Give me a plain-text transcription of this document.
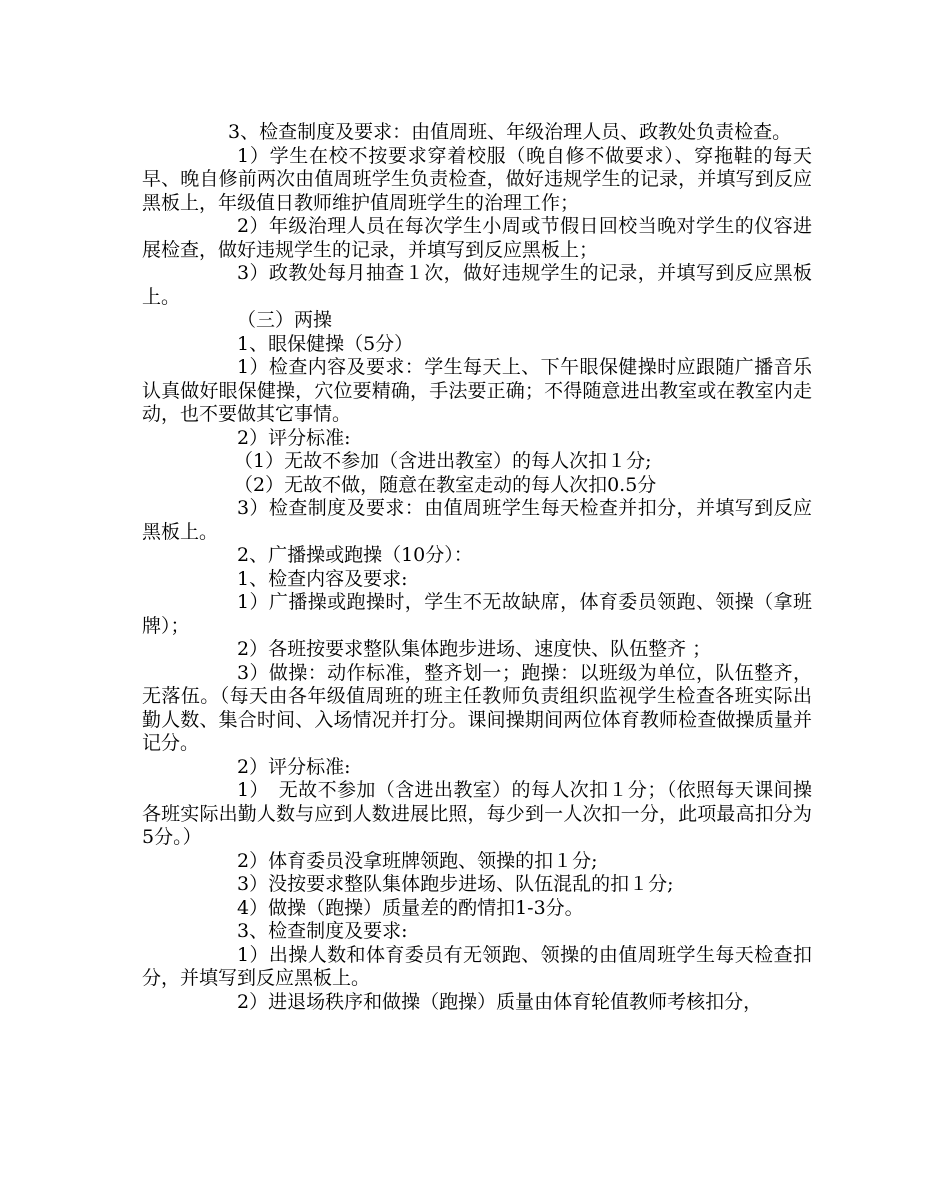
3、检查制度及要求：由值周班、年级治理人员、政教处负责检查。

1）学生在校不按要求穿着校服（晚自修不做要求）、穿拖鞋的每天早、晚自修前两次由值周班学生负责检查，做好违规学生的记录，并填写到反应黑板上，年级值日教师维护值周班学生的治理工作；

2）年级治理人员在每次学生小周或节假日回校当晚对学生的仪容进展检查，做好违规学生的记录，并填写到反应黑板上；

3）政教处每月抽查１次，做好违规学生的记录，并填写到反应黑板上。

（三）两操

1、眼保健操（5分）

1）检查内容及要求：学生每天上、下午眼保健操时应跟随广播音乐认真做好眼保健操，穴位要精确，手法要正确；不得随意进出教室或在教室内走动，也不要做其它事情。

2）评分标准:

（1）无故不参加（含进出教室）的每人次扣１分;

（2）无故不做，随意在教室走动的每人次扣0.5分

3）检查制度及要求：由值周班学生每天检查并扣分，并填写到反应黑板上。

2、广播操或跑操（10分）：

1、检查内容及要求:

1）广播操或跑操时，学生不无故缺席，体育委员领跑、领操（拿班牌）；

2）各班按要求整队集体跑步进场、速度快、队伍整齐 ；

3）做操：动作标准，整齐划一；跑操：以班级为单位，队伍整齐，无落伍。（每天由各年级值周班的班主任教师负责组织监视学生检查各班实际出勤人数、集合时间、入场情况并打分。课间操期间两位体育教师检查做操质量并记分。

2）评分标准:

1）　无故不参加（含进出教室）的每人次扣１分；（依照每天课间操各班实际出勤人数与应到人数进展比照，每少到一人次扣一分，此项最高扣分为5分。）

2）体育委员没拿班牌领跑、领操的扣１分;

3）没按要求整队集体跑步进场、队伍混乱的扣１分;

4）做操（跑操）质量差的酌情扣1-3分。

3、检查制度及要求:

1）出操人数和体育委员有无领跑、领操的由值周班学生每天检查扣分，并填写到反应黑板上。

2）进退场秩序和做操（跑操）质量由体育轮值教师考核扣分，
